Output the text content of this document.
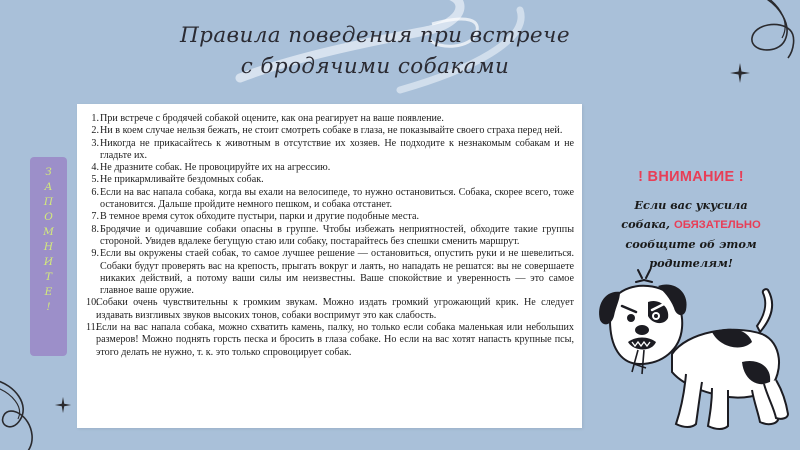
Правила поведения при встрече
с бродячими собаками
З
А
П
О
М
Н
И
Т
Е
!
1. При встрече с бродячей собакой оцените, как она реагирует на ваше появление.
2. Ни в коем случае нельзя бежать, не стоит смотреть собаке в глаза, не показывайте своего страха перед ней.
3. Никогда не прикасайтесь к животным в отсутствие их хозяев. Не подходите к незнакомым собакам и не гладьте их.
4. Не дразните собак. Не провоцируйте их на агрессию.
5. Не прикармливайте бездомных собак.
6. Если на вас напала собака, когда вы ехали на велосипеде, то нужно остановиться. Собака, скорее всего, тоже остановится. Дальше пройдите немного пешком, и собака отстанет.
7. В темное время суток обходите пустыри, парки и другие подобные места.
8. Бродячие и одичавшие собаки опасны в группе. Чтобы избежать неприятностей, обходите такие группы стороной. Увидев вдалеке бегущую стаю или собаку, постарайтесь без спешки сменить маршрут.
9. Если вы окружены стаей собак, то самое лучшее решение — остановиться, опустить руки и не шевелиться. Собаки будут проверять вас на крепость, прыгать вокруг и лаять, но нападать не решатся: вы не совершаете никаких действий, а потому ваши силы им неизвестны. Ваше спокойствие и уверенность — это самое главное ваше оружие.
10.
Собаки очень чувствительны к громким звукам. Можно издать громкий угрожающий крик. Не следует издавать визгливых звуков высоких тонов, собаки воспримут это как слабость.
11.
Если на вас напала собака, можно схватить камень, палку, но только если собака маленькая или небольших размеров! Можно поднять горсть песка и бросить в глаза собаке. Но если на вас хотят напасть крупные псы, этого делать не нужно, т. к. это только спровоцирует собак.
! ВНИМАНИЕ !
Если вас укусила
собака, ОБЯЗАТЕЛЬНО
сообщите об этом
родителям!
